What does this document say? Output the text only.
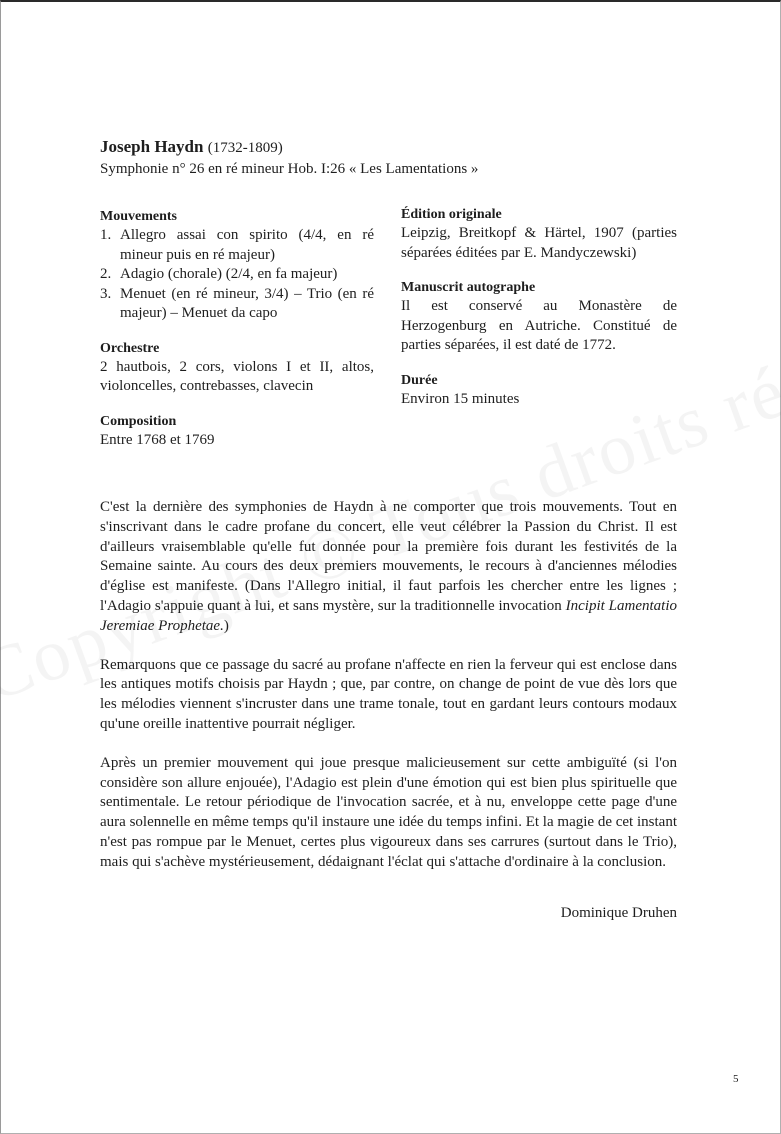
Joseph Haydn (1732-1809)

Symphonie n° 26 en ré mineur Hob. I:26 « Les Lamentations »

Mouvements

1. Allegro assai con spirito (4/4, en ré mineur puis en ré majeur)
2. Adagio (chorale) (2/4, en fa majeur)
3. Menuet (en ré mineur, 3/4) – Trio (en ré majeur) – Menuet da capo

Orchestre

2 hautbois, 2 cors, violons I et II, altos, violoncelles, contrebasses, clavecin

Composition

Entre 1768 et 1769

Édition originale

Leipzig, Breitkopf & Härtel, 1907 (parties séparées éditées par E. Mandyczewski)

Manuscrit autographe

Il est conservé au Monastère de Herzogenburg en Autriche. Constitué de parties séparées, il est daté de 1772.

Durée

Environ 15 minutes

C'est la dernière des symphonies de Haydn à ne comporter que trois mouvements. Tout en s'inscrivant dans le cadre profane du concert, elle veut célébrer la Passion du Christ. Il est d'ailleurs vraisemblable qu'elle fut donnée pour la première fois durant les festivités de la Semaine sainte. Au cours des deux premiers mouvements, le recours à d'anciennes mélodies d'église est manifeste. (Dans l'Allegro initial, il faut parfois les chercher entre les lignes ; l'Adagio s'appuie quant à lui, et sans mystère, sur la traditionnelle invocation Incipit Lamentatio Jeremiae Prophetae.)

Remarquons que ce passage du sacré au profane n'affecte en rien la ferveur qui est enclose dans les antiques motifs choisis par Haydn ; que, par contre, on change de point de vue dès lors que les mélodies viennent s'incruster dans une trame tonale, tout en gardant leurs contours modaux qu'une oreille inattentive pourrait négliger.

Après un premier mouvement qui joue presque malicieusement sur cette ambiguïté (si l'on considère son allure enjouée), l'Adagio est plein d'une émotion qui est bien plus spirituelle que sentimentale. Le retour périodique de l'invocation sacrée, et à nu, enveloppe cette page d'une aura solennelle en même temps qu'il instaure une idée du temps infini. Et la magie de cet instant n'est pas rompue par le Menuet, certes plus vigoureux dans ses carrures (surtout dans le Trio), mais qui s'achève mystérieusement, dédaignant l'éclat qui s'attache d'ordinaire à la conclusion.

Dominique Druhen
5
